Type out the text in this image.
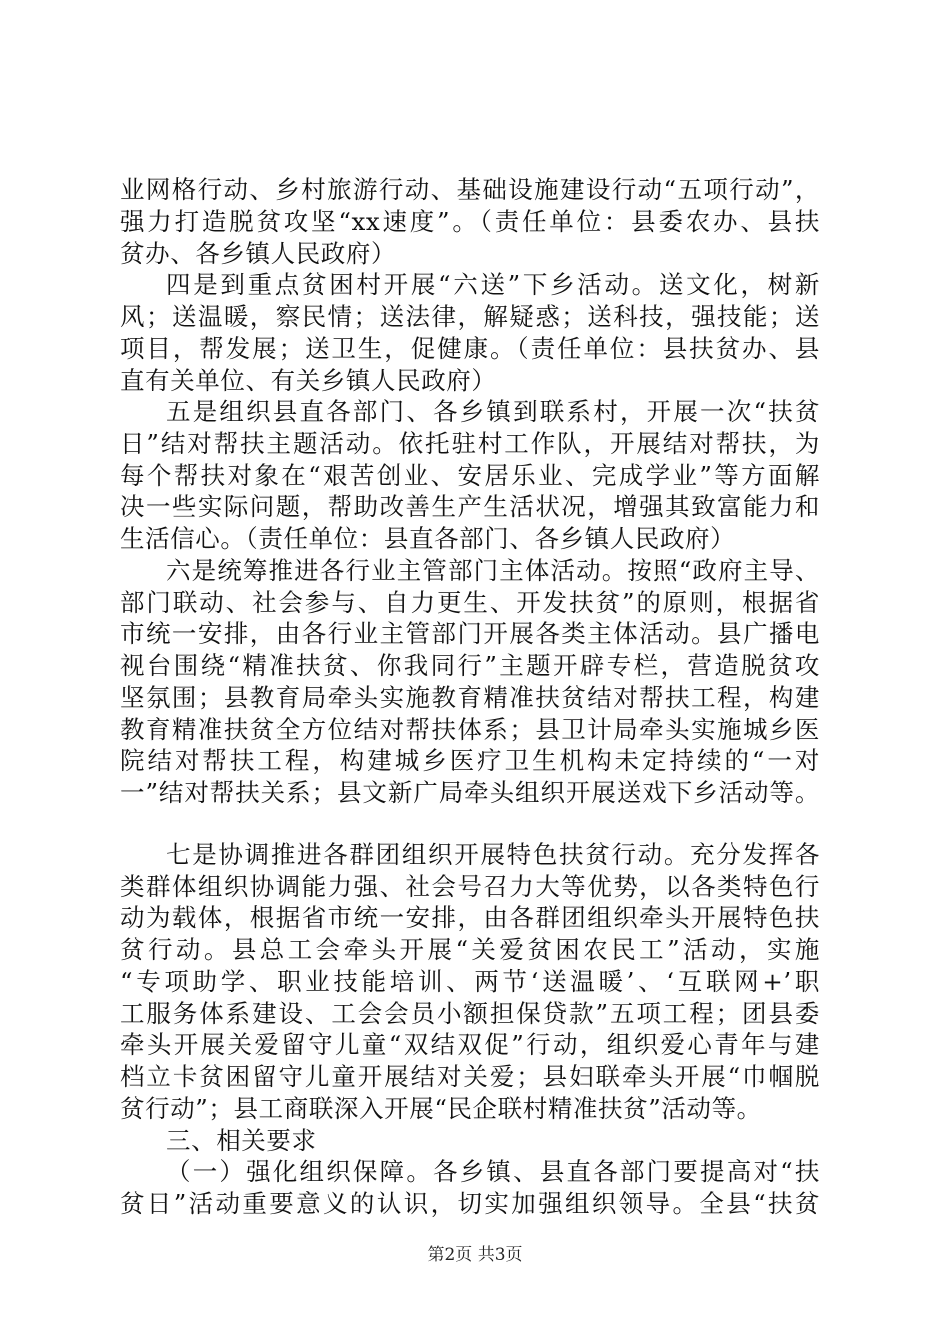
业网格行动、乡村旅游行动、基础设施建设行动“五项行动”，
强力打造脱贫攻坚“xx速度”。（责任单位：县委农办、县扶
贫办、各乡镇人民政府）
四是到重点贫困村开展“六送”下乡活动。送文化，树新
风；送温暖，察民情；送法律，解疑惑；送科技，强技能；送
项目，帮发展；送卫生，促健康。（责任单位：县扶贫办、县
直有关单位、有关乡镇人民政府）
五是组织县直各部门、各乡镇到联系村，开展一次“扶贫
日”结对帮扶主题活动。依托驻村工作队，开展结对帮扶，为
每个帮扶对象在“艰苦创业、安居乐业、完成学业”等方面解
决一些实际问题，帮助改善生产生活状况，增强其致富能力和
生活信心。（责任单位：县直各部门、各乡镇人民政府）
六是统筹推进各行业主管部门主体活动。按照“政府主导、
部门联动、社会参与、自力更生、开发扶贫”的原则，根据省
市统一安排，由各行业主管部门开展各类主体活动。县广播电
视台围绕“精准扶贫、你我同行”主题开辟专栏，营造脱贫攻
坚氛围；县教育局牵头实施教育精准扶贫结对帮扶工程，构建
教育精准扶贫全方位结对帮扶体系；县卫计局牵头实施城乡医
院结对帮扶工程，构建城乡医疗卫生机构未定持续的“一对
一”结对帮扶关系；县文新广局牵头组织开展送戏下乡活动等。
七是协调推进各群团组织开展特色扶贫行动。充分发挥各
类群体组织协调能力强、社会号召力大等优势，以各类特色行
动为载体，根据省市统一安排，由各群团组织牵头开展特色扶
贫行动。县总工会牵头开展“关爱贫困农民工”活动，实施
“专项助学、职业技能培训、两节‘送温暖’、‘互联网+’职
工服务体系建设、工会会员小额担保贷款”五项工程；团县委
牵头开展关爱留守儿童“双结双促”行动，组织爱心青年与建
档立卡贫困留守儿童开展结对关爱；县妇联牵头开展“巾帼脱
贫行动”；县工商联深入开展“民企联村精准扶贫”活动等。
三、相关要求
（一）强化组织保障。各乡镇、县直各部门要提高对“扶
贫日”活动重要意义的认识，切实加强组织领导。全县“扶贫
第2页 共3页
